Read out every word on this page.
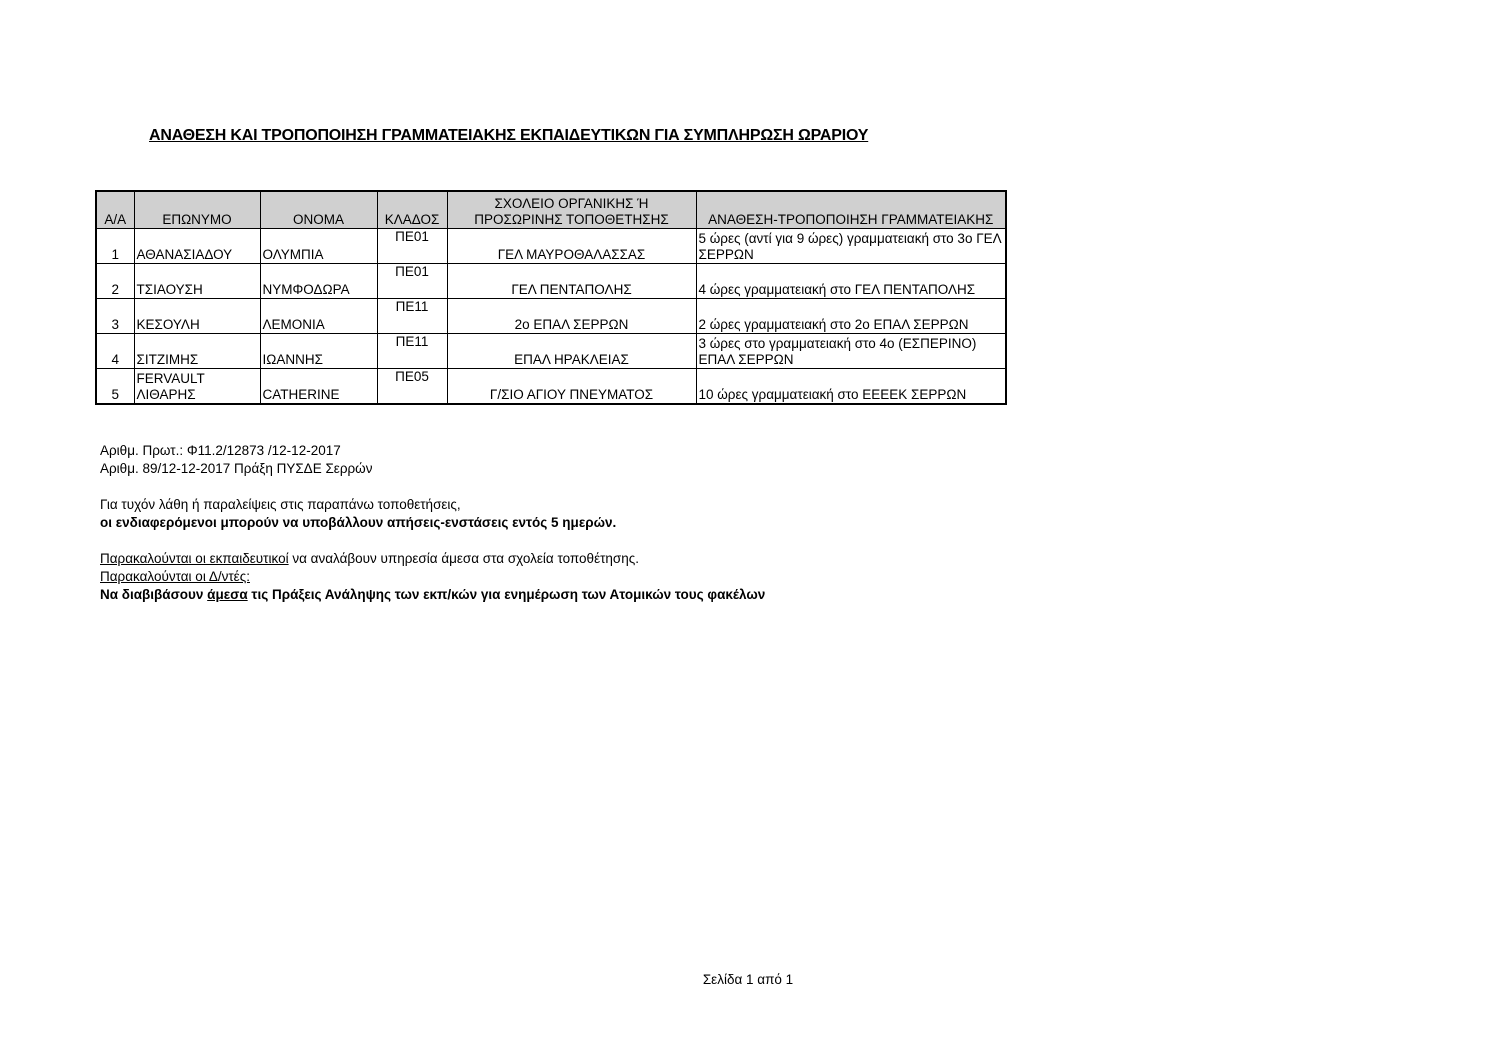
ΑΝΑΘΕΣΗ ΚΑΙ ΤΡΟΠΟΠΟΙΗΣΗ ΓΡΑΜΜΑΤΕΙΑΚΗΣ ΕΚΠΑΙΔΕΥΤΙΚΩΝ ΓΙΑ ΣΥΜΠΛΗΡΩΣΗ ΩΡΑΡΙΟΥ
Α/Α	ΕΠΩΝΥΜΟ	ΟΝΟΜΑ	ΚΛΑΔΟΣ	ΣΧΟΛΕΙΟ ΟΡΓΑΝΙΚΗΣ Ή ΠΡΟΣΩΡΙΝΗΣ ΤΟΠΟΘΕΤΗΣΗΣ	ΑΝΑΘΕΣΗ-ΤΡΟΠΟΠΟΙΗΣΗ ΓΡΑΜΜΑΤΕΙΑΚΗΣ
1	ΑΘΑΝΑΣΙΑΔΟΥ	ΟΛΥΜΠΙΑ	ΠΕ01	ΓΕΛ ΜΑΥΡΟΘΑΛΑΣΣΑΣ	5 ώρες (αντί για 9 ώρες) γραμματειακή στο 3ο ΓΕΛ ΣΕΡΡΩΝ
2	ΤΣΙΑΟΥΣΗ	ΝΥΜΦΟΔΩΡΑ	ΠΕ01	ΓΕΛ ΠΕΝΤΑΠΟΛΗΣ	4 ώρες γραμματειακή στο ΓΕΛ ΠΕΝΤΑΠΟΛΗΣ
3	ΚΕΣΟΥΛΗ	ΛΕΜΟΝΙΑ	ΠΕ11	2ο ΕΠΑΛ ΣΕΡΡΩΝ	2 ώρες γραμματειακή στο 2ο ΕΠΑΛ ΣΕΡΡΩΝ
4	ΣΙΤΖΙΜΗΣ	ΙΩΑΝΝΗΣ	ΠΕ11	ΕΠΑΛ ΗΡΑΚΛΕΙΑΣ	3 ώρες στο γραμματειακή στο 4ο (ΕΣΠΕΡΙΝΟ) ΕΠΑΛ ΣΕΡΡΩΝ
5	FERVAULT ΛΙΘΑΡΗΣ	CATHERINE	ΠΕ05	Γ/ΣΙΟ ΑΓΙΟΥ ΠΝΕΥΜΑΤΟΣ	10 ώρες γραμματειακή στο ΕΕΕΕΚ ΣΕΡΡΩΝ
Αριθμ. Πρωτ.: Φ11.2/12873 /12-12-2017
Αριθμ. 89/12-12-2017 Πράξη ΠΥΣΔΕ Σερρών
Για τυχόν λάθη ή παραλείψεις στις παραπάνω τοποθετήσεις,
οι ενδιαφερόμενοι μπορούν να υποβάλλουν απήσεις-ενστάσεις εντός 5 ημερών.
Παρακαλούνται οι εκπαιδευτικοί να αναλάβουν υπηρεσία άμεσα στα σχολεία τοποθέτησης.
Παρακαλούνται οι Δ/ντές:
Να διαβιβάσουν άμεσα τις Πράξεις Ανάληψης των εκπ/κών για ενημέρωση των Ατομικών τους φακέλων
Σελίδα 1 από 1
